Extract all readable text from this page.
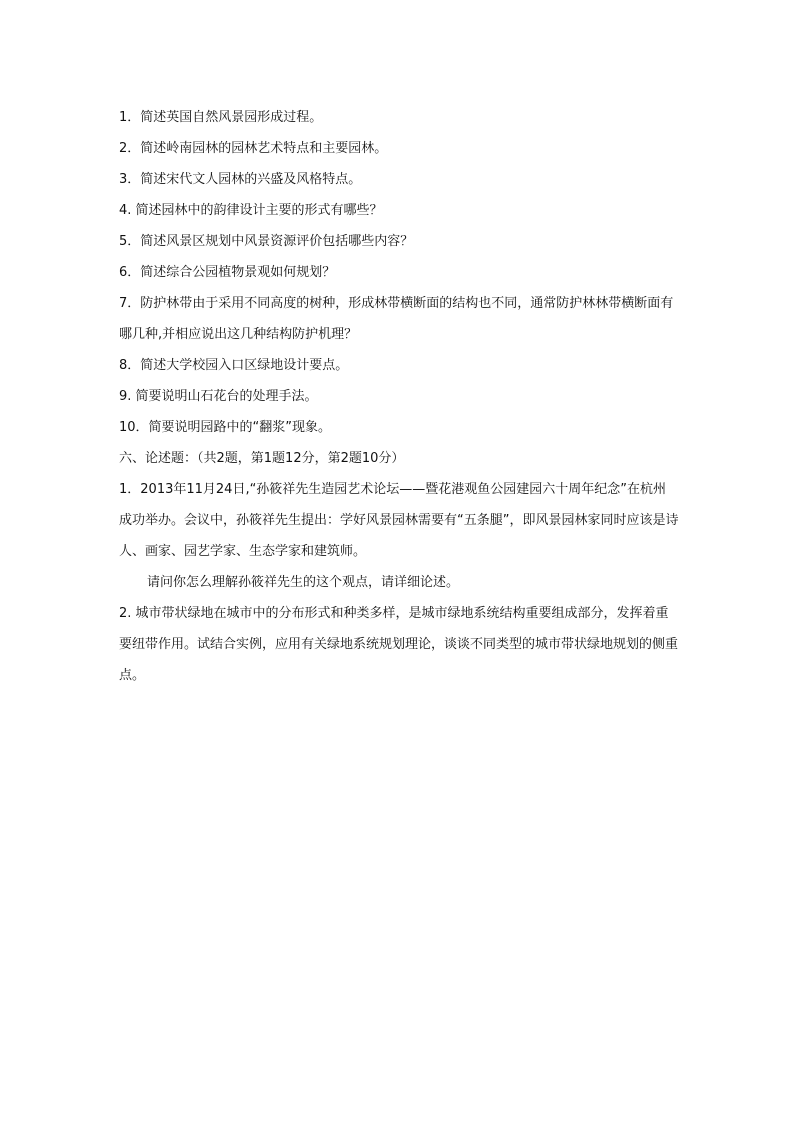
1．简述英国自然风景园形成过程。

2．简述岭南园林的园林艺术特点和主要园林。

3．简述宋代文人园林的兴盛及风格特点。

4. 简述园林中的韵律设计主要的形式有哪些？

5．简述风景区规划中风景资源评价包括哪些内容？

6．简述综合公园植物景观如何规划？

7．防护林带由于采用不同高度的树种，形成林带横断面的结构也不同，通常防护林林带横断面有哪几种,并相应说出这几种结构防护机理？

8．简述大学校园入口区绿地设计要点。

9. 简要说明山石花台的处理手法。

10．简要说明园路中的“翻浆”现象。

六、论述题：（共2题，第1题12分，第2题10分）

1．2013年11月24日,“孙筱祥先生造园艺术论坛——暨花港观鱼公园建园六十周年纪念”在杭州成功举办。会议中，孙筱祥先生提出：学好风景园林需要有“五条腿”，即风景园林家同时应该是诗人、画家、园艺学家、生态学家和建筑师。

请问你怎么理解孙筱祥先生的这个观点，请详细论述。

2. 城市带状绿地在城市中的分布形式和种类多样，是城市绿地系统结构重要组成部分，发挥着重要纽带作用。试结合实例，应用有关绿地系统规划理论，谈谈不同类型的城市带状绿地规划的侧重点。
